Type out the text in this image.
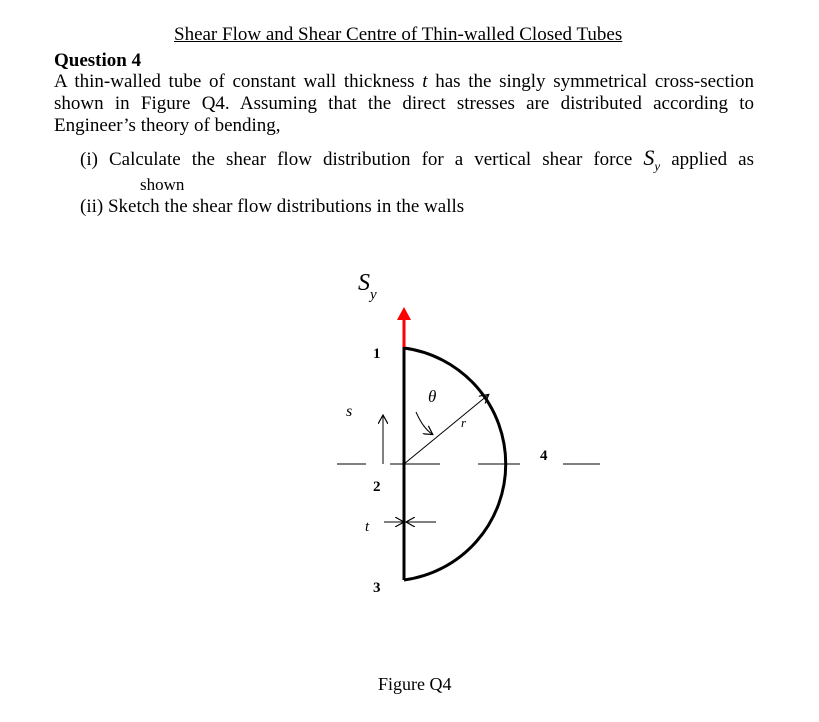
Shear Flow and Shear Centre of Thin-walled Closed Tubes
Question 4
A thin-walled tube of constant wall thickness t has the singly symmetrical cross-section
shown in Figure Q4. Assuming that the direct stresses are distributed according to
Engineer’s theory of bending,
(i) Calculate the shear flow distribution for a vertical shear force $S_y$ applied as
shown
(ii) Sketch the shear flow distributions in the walls
$S_y$
1
2
3
4
s
θ
r
t
Figure Q4
